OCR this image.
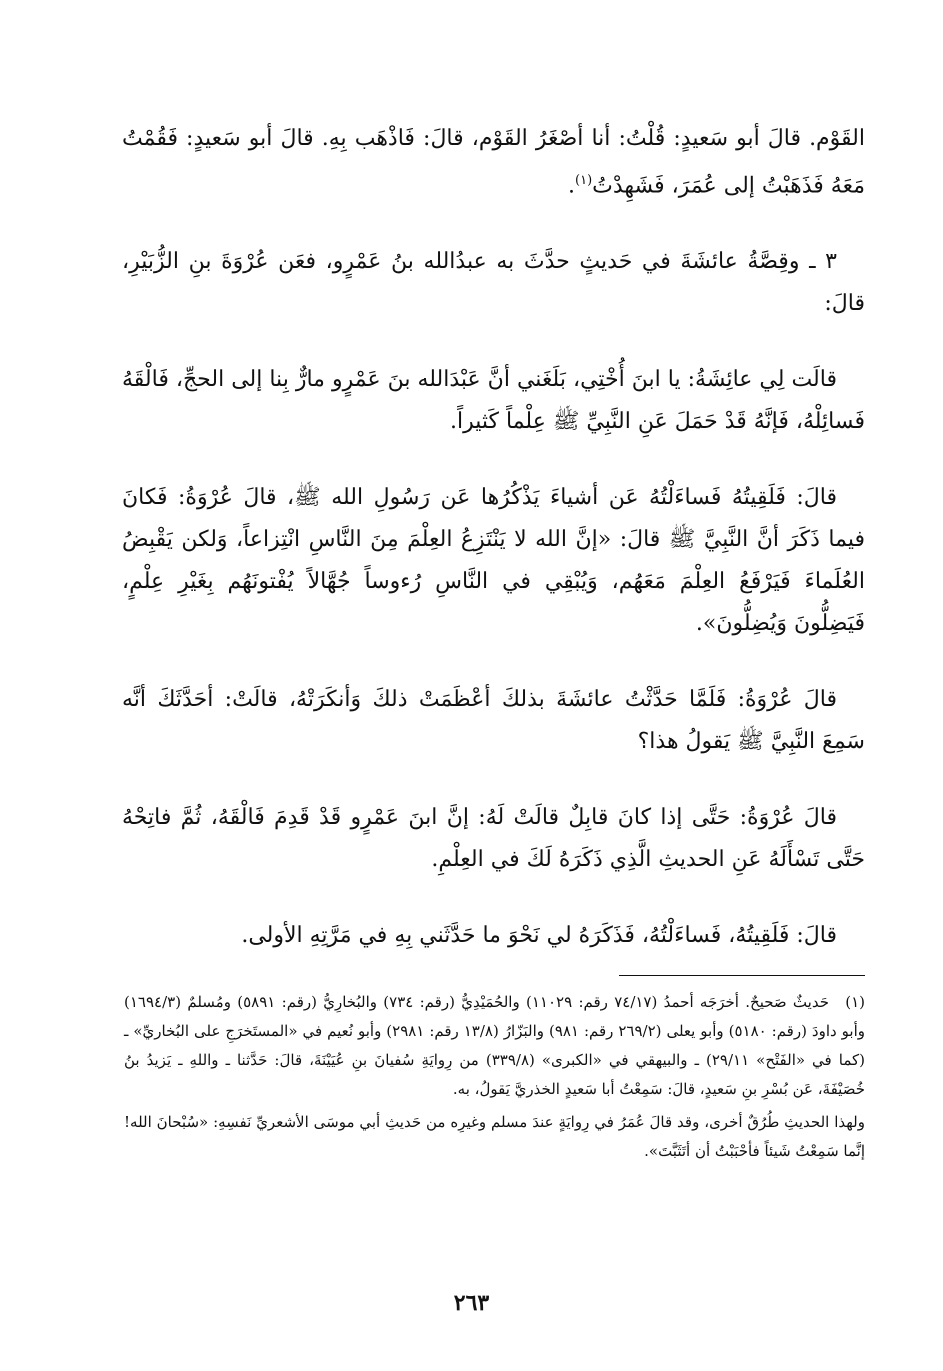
القَوْم. قالَ أبو سَعيدٍ: قُلْتُ: أنا أصْغَرُ القَوْم، قالَ: فَاذْهَب بِهِ. قالَ أبو سَعيدٍ: فَقُمْتُ مَعَهُ فَذَهَبْتُ إلى عُمَرَ، فَشَهِدْتُ$^{(١)}$.

٣ ـ وقِصَّةُ عائشَةَ في حَديثٍ حدَّثَ به عبدُالله بنُ عَمْرٍو، فعَن عُرْوَةَ بنِ الزُّبَيْرِ، قالَ:

قالَت لِي عائِشَةُ: يا ابنَ أُخْتِي، بَلَغَني أنَّ عَبْدَالله بنَ عَمْرٍو مارٌّ بِنا إلى الحجِّ، فَالْقَهُ فَسائِلْهُ، فَإنَّهُ قَدْ حَمَلَ عَنِ النَّبِيِّ ﷺ عِلْماً كَثيراً.

قالَ: فَلَقِيتُهُ فَساءَلْتُهُ عَن أشياءَ يَذْكُرُها عَن رَسُولِ الله ﷺ، قالَ عُرْوَةُ: فَكانَ فيما ذَكَرَ أنَّ النَّبِيَّ ﷺ قالَ: «إنَّ الله لا يَنْتَزِعُ العِلْمَ مِنَ النَّاسِ انْتِزاعاً، وَلكن يَقْبِضُ العُلَماءَ فَيَرْفَعُ العِلْمَ مَعَهُم، وَيُبْقِي في النَّاسِ رُءوساً جُهَّالاً يُفْتونَهُم بِغَيْرِ عِلْمٍ، فَيَضِلُّونَ وَيُضِلُّونَ».

قالَ عُرْوَةُ: فَلَمَّا حَدَّثْتُ عائشَةَ بذلكَ أعْظَمَتْ ذلكَ وَأنكَرَتْهُ، قالَتْ: أحَدَّثَكَ أنَّه سَمِعَ النَّبِيَّ ﷺ يَقولُ هذا؟

قالَ عُرْوَةُ: حَتَّى إذا كانَ قابِلٌ قالَتْ لَهُ: إنَّ ابنَ عَمْرٍو قَدْ قَدِمَ فَالْقَهُ، ثُمَّ فاتِحْهُ حَتَّى تَسْأَلَهُ عَنِ الحديثِ الَّذِي ذَكَرَهُ لَكَ في العِلْمِ.

قالَ: فَلَقِيتُهُ، فَساءَلْتُهُ، فَذَكَرَهُ لي نَحْوَ ما حَدَّثَني بِهِ في مَرَّتِهِ الأولى.

(١)حَديثٌ صَحيحٌ. أخرَجَه أحمدُ (٧٤/١٧ رقم: ١١٠٢٩) والحُمَيْدِيُّ (رقم: ٧٣٤) والبُخارِيُّ (رقم: ٥٨٩١) ومُسلمٌ (١٦٩٤/٣) وأبو داودَ (رقم: ٥١٨٠) وأبو يعلى (٢٦٩/٢ رقم: ٩٨١) والبَزّارُ (١٣/٨ رقم: ٢٩٨١) وأبو نُعيم في «المستَخرَجِ على البُخاريِّ» ـ (كما في «الفَتْح» ٢٩/١١) ـ والبيهقي في «الكبرى» (٣٣٩/٨) من رِوايَةِ سُفيانَ بنِ عُيَيْنَةَ، قالَ: حَدَّثنا ـ واللهِ ـ يَزيدُ بنُ خُصَيْفَةَ، عَن بُسْرِ بنِ سَعيدٍ، قالَ: سَمِعْتُ أبا سَعيدٍ الخذريَّ يَقولُ، به.

ولهذا الحديثِ طُرُقٌ أخرى، وقد قالَ عُمَرُ في رِوايَةٍ عندَ مسلم وغيرِه من حَديثِ أبي موسَى الأشعريِّ نَفسِهِ: «سُبْحانَ الله! إنَّما سَمِعْتُ شَيئاً فأحْبَبْتُ أن أتَثَبَّتَ».

٢٦٣
